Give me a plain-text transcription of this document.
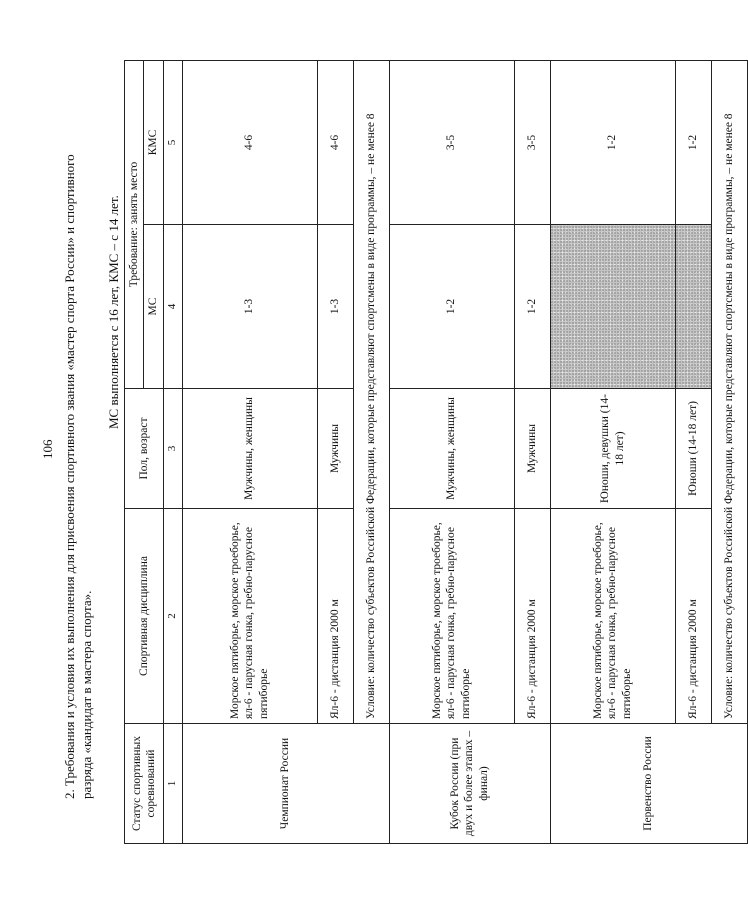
106 2. Требования и условия их выполнения для присвоения спортивного звания «мастер спорта России» и спортивного разряда «кандидат в мастера спорта».

МС выполняется с 16 лет, КМС – с 14 лет.
Статус спортивных соревнований	Спортивная дисциплина	Пол, возраст	Требование: занять место	
			МС	КМС
1	2	3	4	5
Чемпионат России	Морское пятиборье, морское троеборье, ял-6 - парусная гонка, гребно-парусное пятиборье	Мужчины, женщины	1-3	4-6
	Ял-6 - дистанция 2000 м	Мужчины	1-3	4-6
	Условие: количество субъектов Российской Федерации, которые представляют спортсмены в виде программы, – не менее 8			
Кубок России (при двух и более этапах –финал)	Морское пятиборье, морское троеборье, ял-6 - парусная гонка, гребно-парусное пятиборье	Мужчины, женщины	1-2	3-5
	Ял-6 - дистанция 2000 м	Мужчины	1-2	3-5
Первенство России	Морское пятиборье, морское троеборье, ял-6 - парусная гонка, гребно-парусное пятиборье	Юноши, девушки (14-18 лет)		1-2
	Ял-6 - дистанция 2000 м	Юноши (14-18 лет)		1-2
	Условие: количество субъектов Российской Федерации, которые представляют спортсмены в виде программы, – не менее 8			
